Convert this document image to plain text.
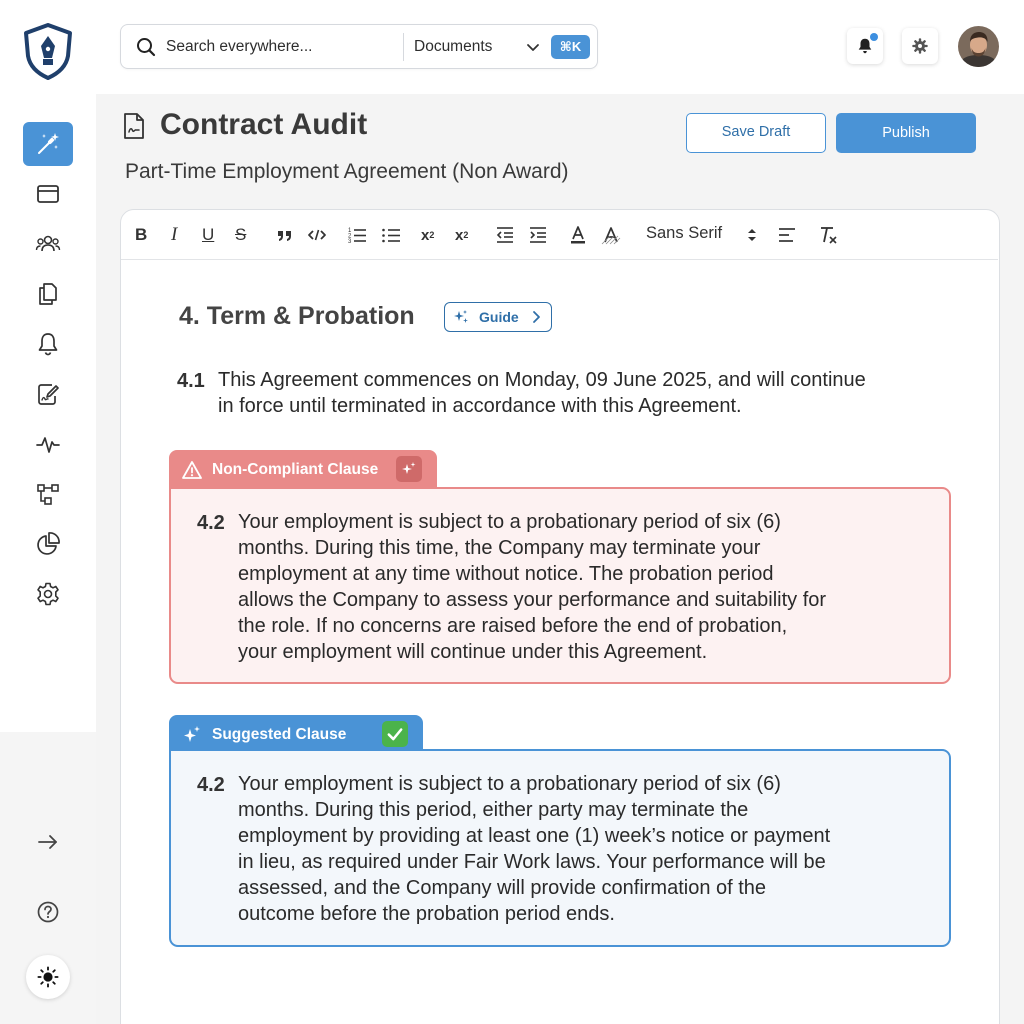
Search everywhere...	Documents	⌘K
Contract Audit
Part-Time Employment Agreement (Non Award)
Save Draft	Publish
B I U S	1
2
3	x 2 x 2	Sans Serif
4. Term & Probation	Guide
4.1 This Agreement commences on Monday, 09 June 2025, and will continue
in force until terminated in accordance with this Agreement.
Non-Compliant Clause
4.2 Your employment is subject to a probationary period of six (6)
months. During this time, the Company may terminate your
employment at any time without notice. The probation period
allows the Company to assess your performance and suitability for
the role. If no concerns are raised before the end of probation,
your employment will continue under this Agreement.
Suggested Clause
4.2 Your employment is subject to a probationary period of six (6)
months. During this period, either party may terminate the
employment by providing at least one (1) week’s notice or payment
in lieu, as required under Fair Work laws. Your performance will be
assessed, and the Company will provide confirmation of the
outcome before the probation period ends.
